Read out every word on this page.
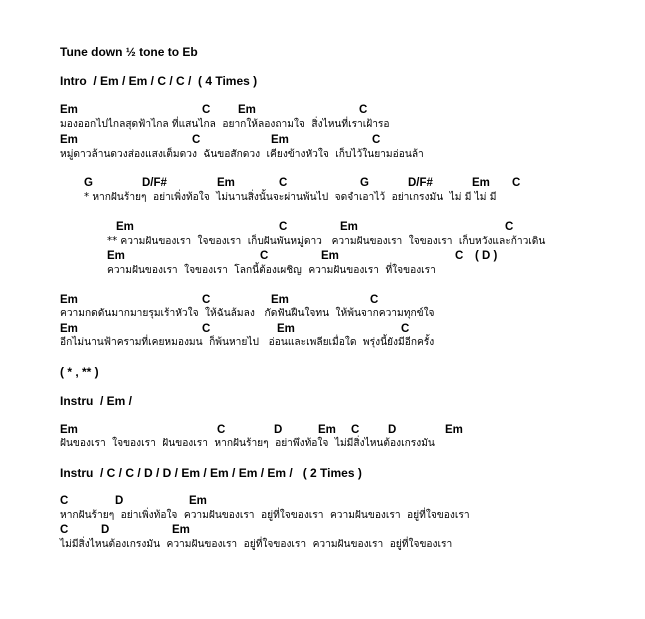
Tune down ½ tone to Eb
Intro  / Em / Em / C / C /  ( 4 Times )

Em

	C

Em

	C

มองออกไปไกลสุดฟ้าไกล ที่แสนไกล  อยากให้ลองถามใจ  สิ่งไหนที่เราเฝ้ารอ

Em

	C

	Em

	C

หมู่ดาวล้านดวงส่องแสงเต็มดวง  ฉันขอสักดวง  เคียงข้างหัวใจ  เก็บไว้ในยามอ่อนล้า

G

	D/F#

	Em

	C

	G

	D/F#

	Em

C

* หากฝันร้ายๆ  อย่าเพิ่งท้อใจ  ไม่นานสิ่งนั้นจะผ่านพ้นไป  จดจำเอาไว้  อย่าเกรงมัน  ไม่ มี ไม่ มี

Em

	C

	Em

	C

** ความฝันของเรา  ใจของเรา  เก็บฝันพันหมู่ดาว   ความฝันของเรา  ใจของเรา  เก็บหวังและก้าวเดิน

Em

	C

	Em

	C

( D )

ความฝันของเรา  ใจของเรา  โลกนี้ต้องเผชิญ  ความฝันของเรา  ที่ใจของเรา

Em

	C

	Em

	C

ความกดดันมากมายรุมเร้าหัวใจ  ให้ฉันล้มลง   กัดฟันฝืนใจทน  ให้พ้นจากความทุกข์ใจ

Em

	C

	Em

	C

อีกไม่นานฟ้าครามที่เคยหมองมน  ก็พ้นหายไป   อ่อนและเพลียเมื่อใด  พรุ่งนี้ยังมีอีกครั้ง
( * , ** )
Instru  / Em /

Em

	C

	D

	Em

C

D

	Em

ฝันของเรา  ใจของเรา  ฝันของเรา  หากฝันร้ายๆ  อย่าพึงท้อใจ  ไม่มีสิ่งไหนต้องเกรงมัน
Instru  / C / C / D / D / Em / Em / Em / Em /   ( 2 Times )

C

	D

	Em

หากฝันร้ายๆ  อย่าเพิ่งท้อใจ  ความฝันของเรา  อยู่ที่ใจของเรา  ความฝันของเรา  อยู่ที่ใจของเรา

C

	D

	Em

ไม่มีสิ่งไหนต้องเกรงมัน  ความฝันของเรา  อยู่ที่ใจของเรา  ความฝันของเรา  อยู่ที่ใจของเรา
